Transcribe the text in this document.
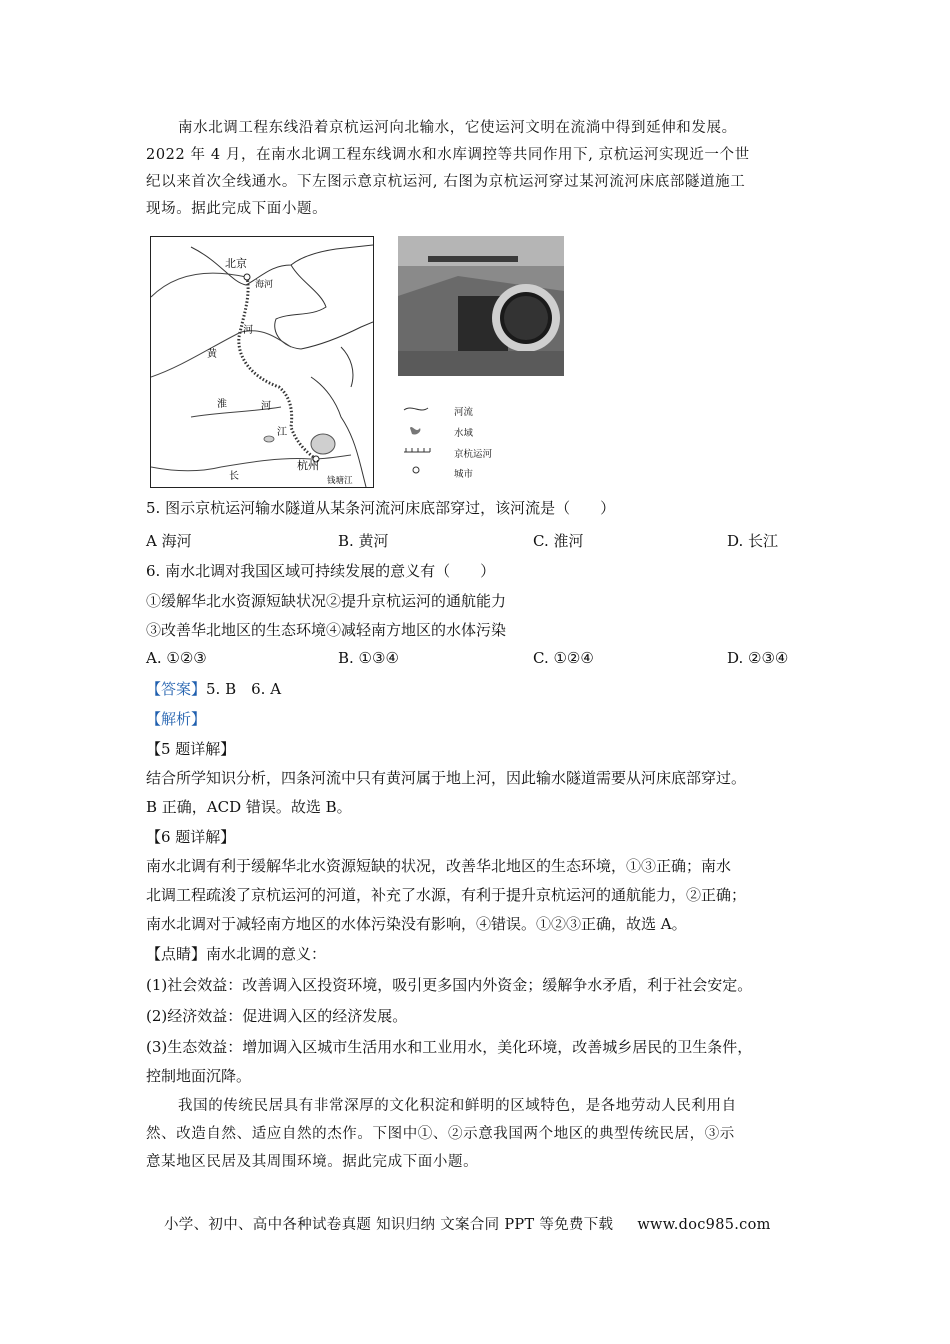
南水北调工程东线沿着京杭运河向北输水，它使运河文明在流淌中得到延伸和发展。
2022 年 4 月，在南水北调工程东线调水和水库调控等共同作用下, 京杭运河实现近一个世
纪以来首次全线通水。下左图示意京杭运河, 右图为京杭运河穿过某河流河床底部隧道施工
现场。据此完成下面小题。
北京
海河
河
黄
淮	河
江
杭州
长	钱塘江
河流
水域
京杭运河
城市
5. 图示京杭运河输水隧道从某条河流河床底部穿过，该河流是（　　）
A 海河	B. 黄河	C. 淮河	D. 长江
6. 南水北调对我国区域可持续发展的意义有（　　）
①缓解华北水资源短缺状况②提升京杭运河的通航能力
③改善华北地区的生态环境④减轻南方地区的水体污染
A. ①②③	B. ①③④	C. ①②④	D. ②③④
【答案】5. B　6. A
【解析】
【5 题详解】
结合所学知识分析，四条河流中只有黄河属于地上河，因此输水隧道需要从河床底部穿过。
B 正确，ACD 错误。故选 B。
【6 题详解】
南水北调有利于缓解华北水资源短缺的状况，改善华北地区的生态环境，①③正确；南水
北调工程疏浚了京杭运河的河道，补充了水源，有利于提升京杭运河的通航能力，②正确；
南水北调对于减轻南方地区的水体污染没有影响，④错误。①②③正确，故选 A。
【点睛】南水北调的意义：
(1)社会效益：改善调入区投资环境，吸引更多国内外资金；缓解争水矛盾，利于社会安定。
(2)经济效益：促进调入区的经济发展。
(3)生态效益：增加调入区城市生活用水和工业用水，美化环境，改善城乡居民的卫生条件，
控制地面沉降。
我国的传统民居具有非常深厚的文化积淀和鲜明的区域特色，是各地劳动人民利用自
然、改造自然、适应自然的杰作。下图中①、②示意我国两个地区的典型传统民居，③示
意某地区民居及其周围环境。据此完成下面小题。
小学、初中、高中各种试卷真题 知识归纳 文案合同 PPT 等免费下载 www.doc985.com
